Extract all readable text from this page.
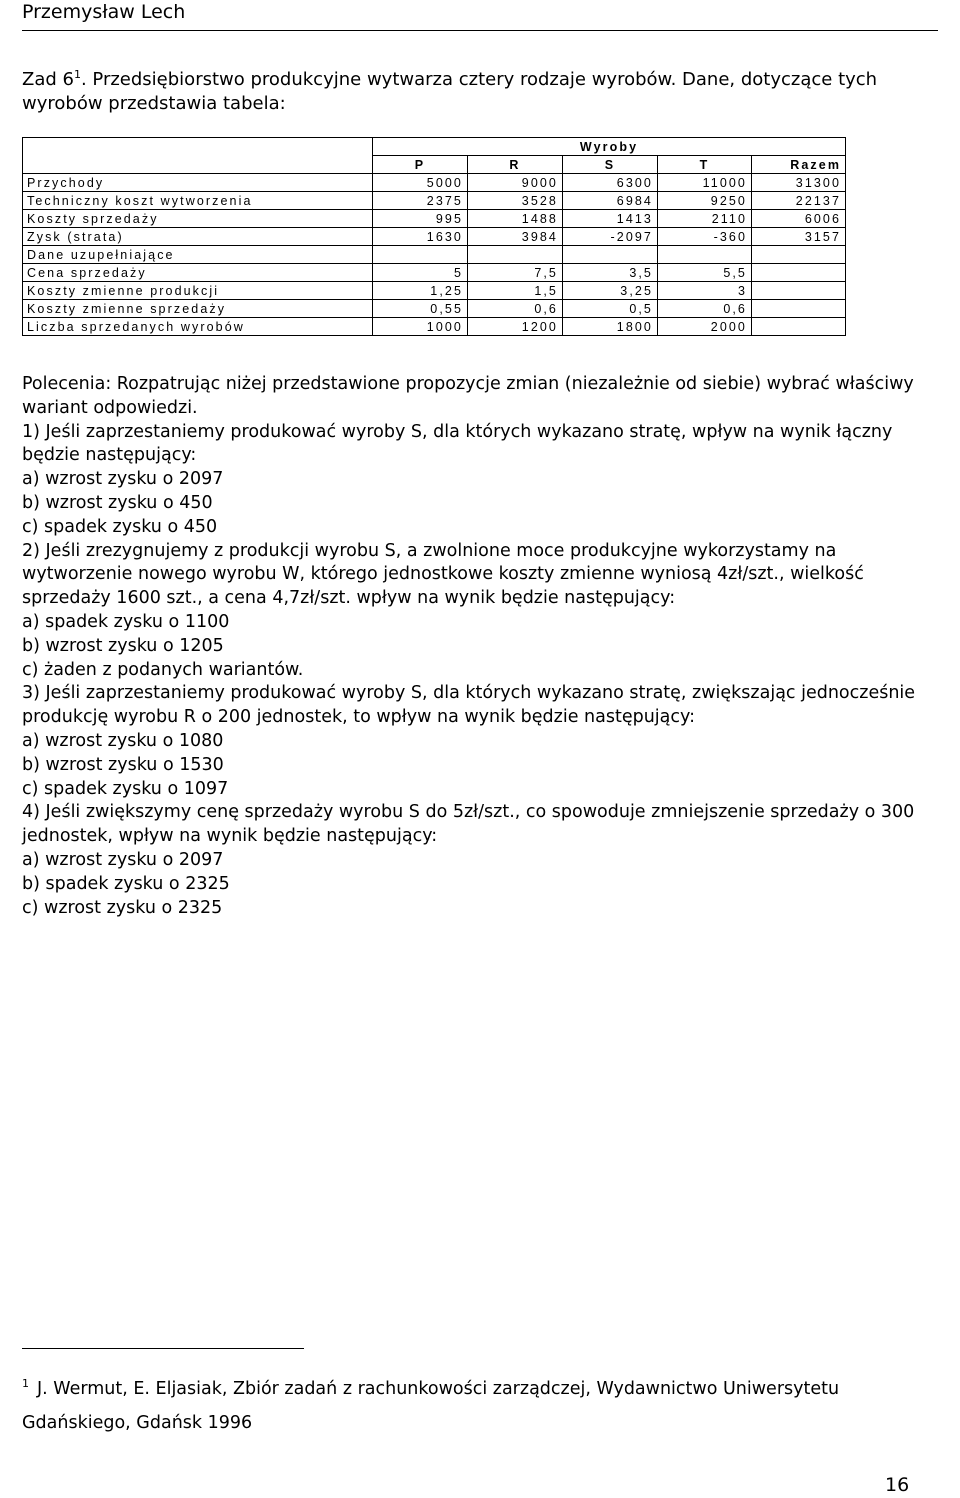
Przemysław Lech
Zad $6^1$. Przedsiębiorstwo produkcyjne wytwarza cztery rodzaje wyrobów. Dane, dotyczące tych
wyrobów przedstawia tabela:
	Wyroby				
	P	R	S	T	Razem
Przychody	5000	9000	6300	11000	31300
Techniczny koszt wytworzenia	2375	3528	6984	9250	22137
Koszty sprzedaży	995	1488	1413	2110	6006
Zysk (strata)	1630	3984	-2097	-360	3157
Dane uzupełniające					
Cena sprzedaży	5	7,5	3,5	5,5	
Koszty zmienne produkcji	1,25	1,5	3,25	3	
Koszty zmienne sprzedaży	0,55	0,6	0,5	0,6	
Liczba sprzedanych wyrobów	1000	1200	1800	2000	

Polecenia: Rozpatrując niżej przedstawione propozycje zmian (niezależnie od siebie) wybrać właściwy

wariant odpowiedzi.

1) Jeśli zaprzestaniemy produkować wyroby S, dla których wykazano stratę, wpływ na wynik łączny

będzie następujący:

a) wzrost zysku o 2097

b) wzrost zysku o 450

c) spadek zysku o 450

2) Jeśli zrezygnujemy z produkcji wyrobu S, a zwolnione moce produkcyjne wykorzystamy na

wytworzenie nowego wyrobu W, którego jednostkowe koszty zmienne wyniosą 4zł/szt., wielkość

sprzedaży 1600 szt., a cena 4,7zł/szt. wpływ na wynik będzie następujący:

a) spadek zysku o 1100

b) wzrost zysku o 1205

c) żaden z podanych wariantów.

3) Jeśli zaprzestaniemy produkować wyroby S, dla których wykazano stratę, zwiększając jednocześnie

produkcję wyrobu R o 200 jednostek, to wpływ na wynik będzie następujący:

a) wzrost zysku o 1080

b) wzrost zysku o 1530

c) spadek zysku o 1097

4) Jeśli zwiększymy cenę sprzedaży wyrobu S do 5zł/szt., co spowoduje zmniejszenie sprzedaży o 300

jednostek, wpływ na wynik będzie następujący:

a) wzrost zysku o 2097

b) spadek zysku o 2325

c) wzrost zysku o 2325

$^1$ J. Wermut, E. Eljasiak, Zbiór zadań z rachunkowości zarządczej, Wydawnictwo Uniwersytetu

Gdańskiego, Gdańsk 1996

16
